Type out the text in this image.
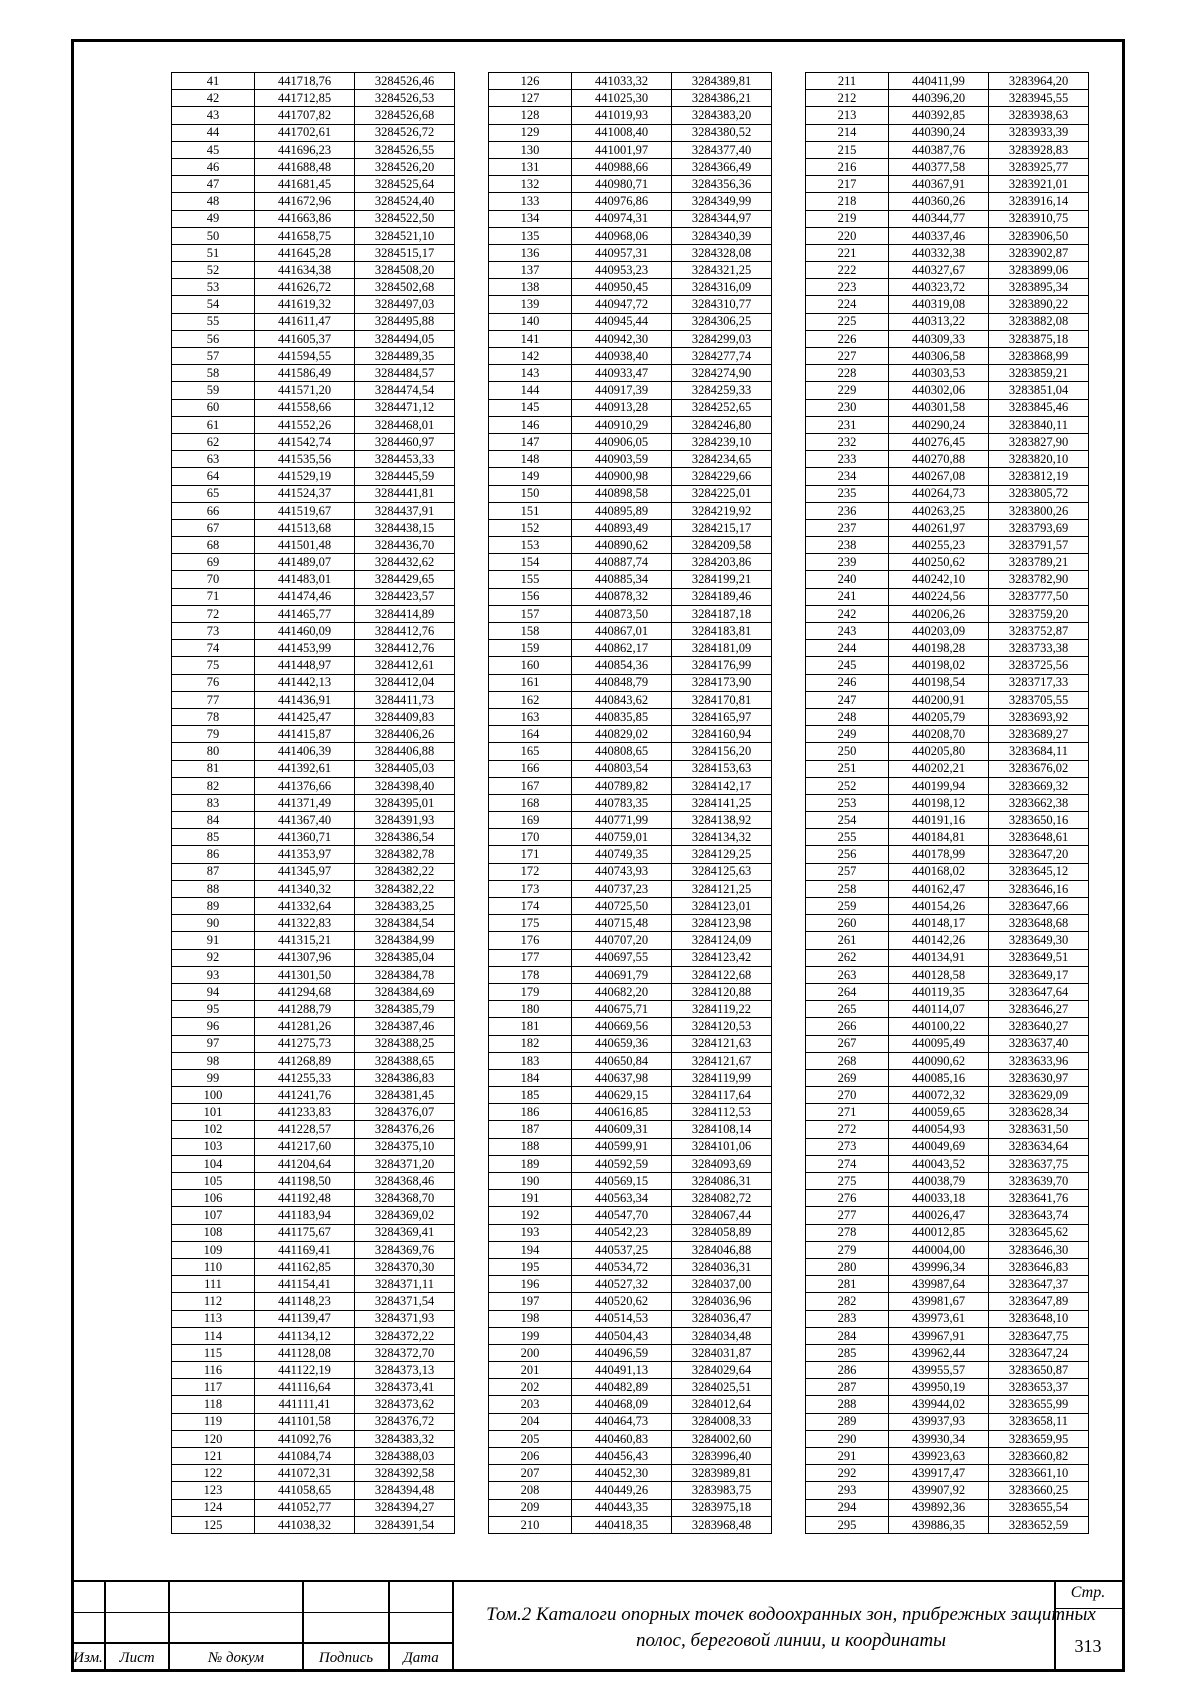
41	441718,76	3284526,46
42	441712,85	3284526,53
43	441707,82	3284526,68
44	441702,61	3284526,72
45	441696,23	3284526,55
46	441688,48	3284526,20
47	441681,45	3284525,64
48	441672,96	3284524,40
49	441663,86	3284522,50
50	441658,75	3284521,10
51	441645,28	3284515,17
52	441634,38	3284508,20
53	441626,72	3284502,68
54	441619,32	3284497,03
55	441611,47	3284495,88
56	441605,37	3284494,05
57	441594,55	3284489,35
58	441586,49	3284484,57
59	441571,20	3284474,54
60	441558,66	3284471,12
61	441552,26	3284468,01
62	441542,74	3284460,97
63	441535,56	3284453,33
64	441529,19	3284445,59
65	441524,37	3284441,81
66	441519,67	3284437,91
67	441513,68	3284438,15
68	441501,48	3284436,70
69	441489,07	3284432,62
70	441483,01	3284429,65
71	441474,46	3284423,57
72	441465,77	3284414,89
73	441460,09	3284412,76
74	441453,99	3284412,76
75	441448,97	3284412,61
76	441442,13	3284412,04
77	441436,91	3284411,73
78	441425,47	3284409,83
79	441415,87	3284406,26
80	441406,39	3284406,88
81	441392,61	3284405,03
82	441376,66	3284398,40
83	441371,49	3284395,01
84	441367,40	3284391,93
85	441360,71	3284386,54
86	441353,97	3284382,78
87	441345,97	3284382,22
88	441340,32	3284382,22
89	441332,64	3284383,25
90	441322,83	3284384,54
91	441315,21	3284384,99
92	441307,96	3284385,04
93	441301,50	3284384,78
94	441294,68	3284384,69
95	441288,79	3284385,79
96	441281,26	3284387,46
97	441275,73	3284388,25
98	441268,89	3284388,65
99	441255,33	3284386,83
100	441241,76	3284381,45
101	441233,83	3284376,07
102	441228,57	3284376,26
103	441217,60	3284375,10
104	441204,64	3284371,20
105	441198,50	3284368,46
106	441192,48	3284368,70
107	441183,94	3284369,02
108	441175,67	3284369,41
109	441169,41	3284369,76
110	441162,85	3284370,30
111	441154,41	3284371,11
112	441148,23	3284371,54
113	441139,47	3284371,93
114	441134,12	3284372,22
115	441128,08	3284372,70
116	441122,19	3284373,13
117	441116,64	3284373,41
118	441111,41	3284373,62
119	441101,58	3284376,72
120	441092,76	3284383,32
121	441084,74	3284388,03
122	441072,31	3284392,58
123	441058,65	3284394,48
124	441052,77	3284394,27
125	441038,32	3284391,54
126	441033,32	3284389,81
127	441025,30	3284386,21
128	441019,93	3284383,20
129	441008,40	3284380,52
130	441001,97	3284377,40
131	440988,66	3284366,49
132	440980,71	3284356,36
133	440976,86	3284349,99
134	440974,31	3284344,97
135	440968,06	3284340,39
136	440957,31	3284328,08
137	440953,23	3284321,25
138	440950,45	3284316,09
139	440947,72	3284310,77
140	440945,44	3284306,25
141	440942,30	3284299,03
142	440938,40	3284277,74
143	440933,47	3284274,90
144	440917,39	3284259,33
145	440913,28	3284252,65
146	440910,29	3284246,80
147	440906,05	3284239,10
148	440903,59	3284234,65
149	440900,98	3284229,66
150	440898,58	3284225,01
151	440895,89	3284219,92
152	440893,49	3284215,17
153	440890,62	3284209,58
154	440887,74	3284203,86
155	440885,34	3284199,21
156	440878,32	3284189,46
157	440873,50	3284187,18
158	440867,01	3284183,81
159	440862,17	3284181,09
160	440854,36	3284176,99
161	440848,79	3284173,90
162	440843,62	3284170,81
163	440835,85	3284165,97
164	440829,02	3284160,94
165	440808,65	3284156,20
166	440803,54	3284153,63
167	440789,82	3284142,17
168	440783,35	3284141,25
169	440771,99	3284138,92
170	440759,01	3284134,32
171	440749,35	3284129,25
172	440743,93	3284125,63
173	440737,23	3284121,25
174	440725,50	3284123,01
175	440715,48	3284123,98
176	440707,20	3284124,09
177	440697,55	3284123,42
178	440691,79	3284122,68
179	440682,20	3284120,88
180	440675,71	3284119,22
181	440669,56	3284120,53
182	440659,36	3284121,63
183	440650,84	3284121,67
184	440637,98	3284119,99
185	440629,15	3284117,64
186	440616,85	3284112,53
187	440609,31	3284108,14
188	440599,91	3284101,06
189	440592,59	3284093,69
190	440569,15	3284086,31
191	440563,34	3284082,72
192	440547,70	3284067,44
193	440542,23	3284058,89
194	440537,25	3284046,88
195	440534,72	3284036,31
196	440527,32	3284037,00
197	440520,62	3284036,96
198	440514,53	3284036,47
199	440504,43	3284034,48
200	440496,59	3284031,87
201	440491,13	3284029,64
202	440482,89	3284025,51
203	440468,09	3284012,64
204	440464,73	3284008,33
205	440460,83	3284002,60
206	440456,43	3283996,40
207	440452,30	3283989,81
208	440449,26	3283983,75
209	440443,35	3283975,18
210	440418,35	3283968,48
211	440411,99	3283964,20
212	440396,20	3283945,55
213	440392,85	3283938,63
214	440390,24	3283933,39
215	440387,76	3283928,83
216	440377,58	3283925,77
217	440367,91	3283921,01
218	440360,26	3283916,14
219	440344,77	3283910,75
220	440337,46	3283906,50
221	440332,38	3283902,87
222	440327,67	3283899,06
223	440323,72	3283895,34
224	440319,08	3283890,22
225	440313,22	3283882,08
226	440309,33	3283875,18
227	440306,58	3283868,99
228	440303,53	3283859,21
229	440302,06	3283851,04
230	440301,58	3283845,46
231	440290,24	3283840,11
232	440276,45	3283827,90
233	440270,88	3283820,10
234	440267,08	3283812,19
235	440264,73	3283805,72
236	440263,25	3283800,26
237	440261,97	3283793,69
238	440255,23	3283791,57
239	440250,62	3283789,21
240	440242,10	3283782,90
241	440224,56	3283777,50
242	440206,26	3283759,20
243	440203,09	3283752,87
244	440198,28	3283733,38
245	440198,02	3283725,56
246	440198,54	3283717,33
247	440200,91	3283705,55
248	440205,79	3283693,92
249	440208,70	3283689,27
250	440205,80	3283684,11
251	440202,21	3283676,02
252	440199,94	3283669,32
253	440198,12	3283662,38
254	440191,16	3283650,16
255	440184,81	3283648,61
256	440178,99	3283647,20
257	440168,02	3283645,12
258	440162,47	3283646,16
259	440154,26	3283647,66
260	440148,17	3283648,68
261	440142,26	3283649,30
262	440134,91	3283649,51
263	440128,58	3283649,17
264	440119,35	3283647,64
265	440114,07	3283646,27
266	440100,22	3283640,27
267	440095,49	3283637,40
268	440090,62	3283633,96
269	440085,16	3283630,97
270	440072,32	3283629,09
271	440059,65	3283628,34
272	440054,93	3283631,50
273	440049,69	3283634,64
274	440043,52	3283637,75
275	440038,79	3283639,70
276	440033,18	3283641,76
277	440026,47	3283643,74
278	440012,85	3283645,62
279	440004,00	3283646,30
280	439996,34	3283646,83
281	439987,64	3283647,37
282	439981,67	3283647,89
283	439973,61	3283648,10
284	439967,91	3283647,75
285	439962,44	3283647,24
286	439955,57	3283650,87
287	439950,19	3283653,37
288	439944,02	3283655,99
289	439937,93	3283658,11
290	439930,34	3283659,95
291	439923,63	3283660,82
292	439917,47	3283661,10
293	439907,92	3283660,25
294	439892,36	3283655,54
295	439886,35	3283652,59
Изм.	Лист	№ докум	Подпись	Дата
Том.2 Каталоги опорных точек водоохранных зон, прибрежных защитных полос, береговой линии, и координаты
Стр.
313
